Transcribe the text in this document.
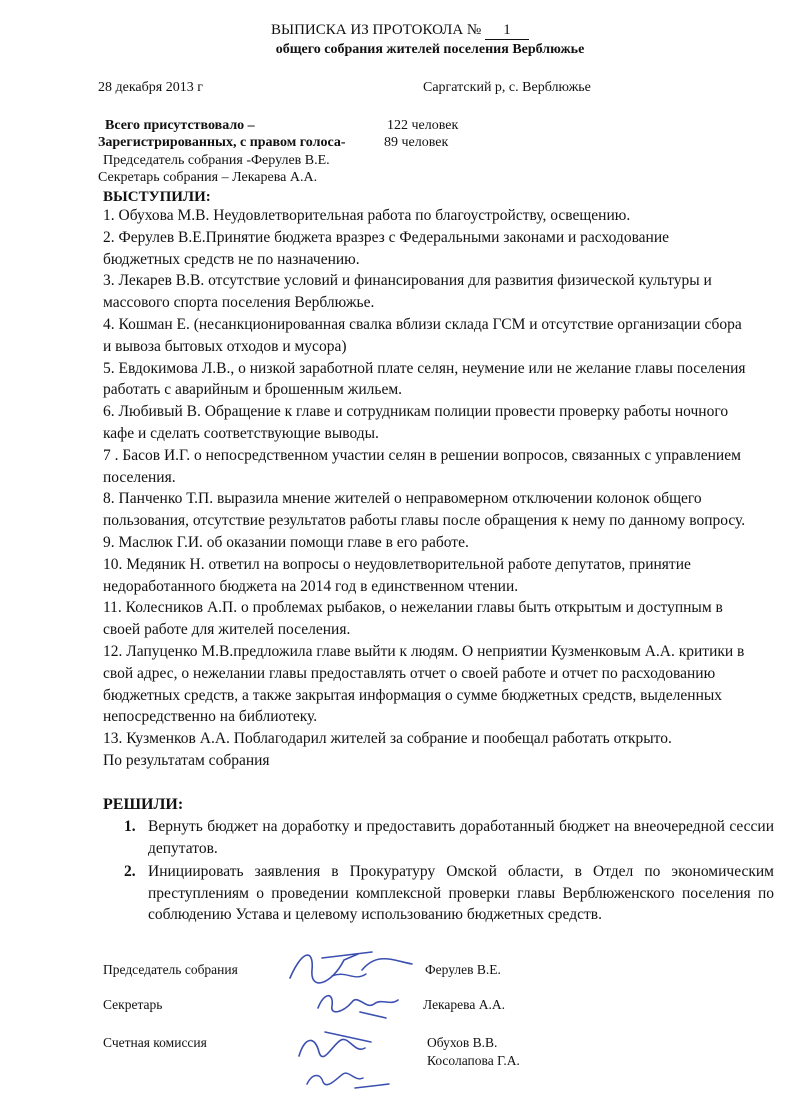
ВЫПИСКА ИЗ ПРОТОКОЛА № 1
общего собрания жителей поселения Верблюжье
28 декабря 2013 г	Саргатский р, с. Верблюжье
Всего присутствовало –	122 человек
Зарегистрированных, с правом голоса-	89 человек
Председатель собрания -Ферулев В.Е.
Секретарь собрания – Лекарева А.А.
ВЫСТУПИЛИ:

1. Обухова М.В. Неудовлетворительная работа по благоустройству, освещению.

2. Ферулев В.Е.Принятие бюджета вразрез с Федеральными законами и расходование бюджетных средств не по назначению.

3. Лекарев В.В. отсутствие условий и финансирования для развития физической культуры и массового спорта поселения Верблюжье.

4. Кошман Е. (несанкционированная свалка вблизи склада ГСМ и отсутствие организации сбора и вывоза бытовых отходов и мусора)

5. Евдокимова Л.В., о низкой заработной плате селян, неумение или не желание главы поселения работать с аварийным и брошенным жильем.

6. Любивый В. Обращение к главе и сотрудникам полиции провести проверку работы ночного кафе и сделать соответствующие выводы.

7 . Басов И.Г. о непосредственном участии селян в решении вопросов, связанных с управлением поселения.

8. Панченко Т.П. выразила мнение жителей о неправомерном отключении колонок общего пользования, отсутствие результатов работы главы после обращения к нему по данному вопросу.

9. Маслюк Г.И. об оказании помощи главе в его работе.

10. Медяник Н. ответил на вопросы о неудовлетворительной работе депутатов, принятие недоработанного бюджета на 2014 год в единственном чтении.

11. Колесников А.П. о проблемах рыбаков, о нежелании главы быть открытым и доступным в своей работе для жителей поселения.

12. Лапуценко М.В.предложила главе выйти к людям. О неприятии Кузменковым А.А. критики в свой адрес, о нежелании главы предоставлять отчет о своей работе и отчет по расходованию бюджетных средств, а также закрытая информация о сумме бюджетных средств, выделенных непосредственно на библиотеку.

13. Кузменков А.А. Поблагодарил жителей за собрание и пообещал работать открыто.

По результатам собрания

РЕШИЛИ:
1. Вернуть бюджет на доработку и предоставить доработанный бюджет на внеочередной сессии депутатов.
2. Инициировать заявления в Прокуратуру Омской области, в Отдел по экономическим преступлениям о проведении комплексной проверки главы Верблюженского поселения по соблюдению Устава и целевому использованию бюджетных средств.
Председатель собрания	Ферулев В.Е.
Секретарь	Лекарева А.А.
Счетная комиссия	Обухов В.В.
Косолапова Г.А.
